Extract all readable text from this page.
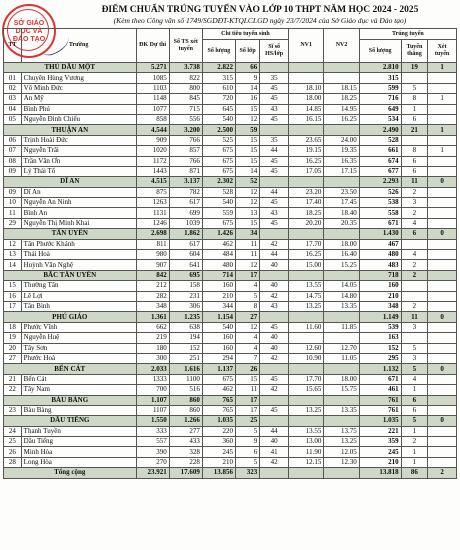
SỞ GIÁO DỤC VÀ ĐÀO TẠO
ĐIỂM CHUẨN TRÚNG TUYỂN VÀO LỚP 10 THPT NĂM HỌC 2024 - 2025
(Kèm theo Công văn số 1749/SGDĐT-KTQLCLGD ngày 23/7/2024 của Sở Giáo dục và Đào tạo)
TT	Trường	ĐK Dự thi	Số TS xét tuyển	Chỉ tiêu tuyển sinh			NV1	NV2	Trúng tuyển		
				Số lượng	Số lớp	Sĩ số HS/lớp			Số lượng	Tuyển thẳng	Xét tuyển
THỦ DẦU MỘT		5.271	3.738	2.822	66				2.810	19	1
01	Chuyên Hùng Vương	1085	822	315	9	35			315		
02	Võ Minh Đức	1103	800	610	14	45	18.10	18.15	599	5	
03	An Mỹ	1148	845	720	16	45	18.00	18.25	716	8	1
04	Bình Phú	1077	715	645	15	43	14.85	14.95	649	1	
05	Nguyễn Đình Chiểu	858	556	540	12	45	16.15	16.25	534	6	
THUẬN AN		4.544	3.200	2.500	59				2.490	21	1
06	Trịnh Hoài Đức	909	766	525	15	35	23.65	24.00	528		
07	Nguyễn Trãi	1020	857	675	15	44	19.15	19.35	661	8	1
08	Trần Văn Ơn	1172	766	675	15	45	16.25	16.35	674	6	
09	Lý Thái Tổ	1443	871	675	14	45	17.05	17.15	677	6	
DĨ AN		4.515	3.137	2.302	52				2.293	11	0
09	Dĩ An	875	782	528	12	44	23.20	23.50	526	2	
10	Nguyễn An Ninh	1263	617	540	12	45	17.40	17.45	538	3	
11	Bình An	1131	699	559	13	43	18.25	18.40	558	2	
29	Nguyễn Thị Minh Khai	1246	1039	675	15	45	20.20	20.35	671	4	
TÂN UYÊN		2.698	1.862	1.426	34				1.430	6	0
12	Tân Phước Khánh	811	617	462	11	42	17.70	18.00	467		
13	Thái Hoà	980	604	484	11	44	16.25	16.40	480	4	
14	Huỳnh Văn Nghệ	907	641	480	12	40	15.00	15.25	483	2	
BẮC TÂN UYÊN		842	695	714	17				718	2	
15	Thường Tân	212	158	160	4	40	13.55	14.05	160		
16	Lê Lợi	282	231	210	5	42	14.75	14.80	210		
17	Tân Bình	348	306	344	8	43	13.25	13.35	348	2	
PHÚ GIÁO		1.361	1.235	1.154	27				1.149	11	0
18	Phước Vĩnh	662	638	540	12	45	11.60	11.85	539	3	
19	Nguyễn Huệ	219	194	160	4	40			163		
20	Tây Sơn	180	152	160	4	40	12.60	12.70	152	5	
27	Phước Hoà	300	251	294	7	42	10.90	11.05	295	3	
BẾN CÁT		2.033	1.616	1.137	26				1.132	5	0
21	Bến Cát	1333	1100	675	15	45	17.70	18.00	671	4	
22	Tây Nam	700	516	462	11	42	15.65	15.75	461	1	
BÀU BÀNG		1.107	860	765	17				761	6	
23	Bàu Bàng	1107	860	765	17	45	13.25	13.35	761	6	
DẦU TIẾNG		1.550	1.266	1.035	25				1.035	5	0
24	Thanh Tuyền	333	277	220	5	44	13.55	13.75	221	1	
25	Dầu Tiếng	557	433	360	9	40	13.00	13.25	359	2	
26	Minh Hòa	390	328	245	6	41	11.90	12.05	245	1	
28	Long Hòa	270	228	210	5	42	12.15	12.30	210	1	
Tổng cộng		23.921	17.609	13.856	323				13.818	86	2
